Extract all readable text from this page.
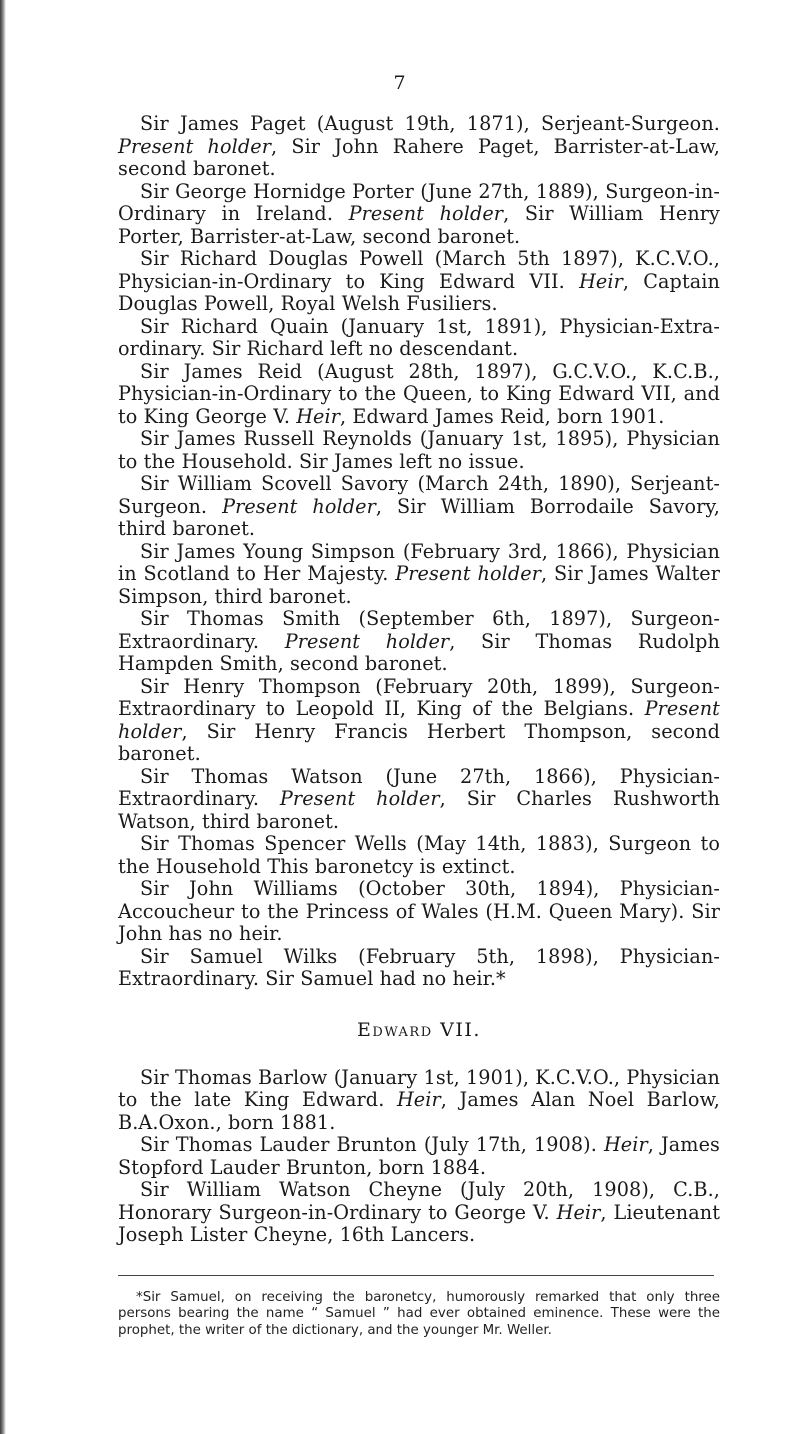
7

Sir James Paget (August 19th, 1871), Serjeant-Surgeon. Present holder, Sir John Rahere Paget, Barrister-at-Law, second baronet.

Sir George Hornidge Porter (June 27th, 1889), Surgeon-in-Ordinary in Ireland. Present holder, Sir William Henry Porter, Barrister-at-Law, second baronet.

Sir Richard Douglas Powell (March 5th 1897), K.C.V.O., Physician-in-Ordinary to King Edward VII. Heir, Captain Douglas Powell, Royal Welsh Fusiliers.

Sir Richard Quain (January 1st, 1891), Physician-Extra-ordinary. Sir Richard left no descendant.

Sir James Reid (August 28th, 1897), G.C.V.O., K.C.B., Physician-in-Ordinary to the Queen, to King Edward VII, and to King George V. Heir, Edward James Reid, born 1901.

Sir James Russell Reynolds (January 1st, 1895), Physician to the Household. Sir James left no issue.

Sir William Scovell Savory (March 24th, 1890), Serjeant-Surgeon. Present holder, Sir William Borrodaile Savory, third baronet.

Sir James Young Simpson (February 3rd, 1866), Physician in Scotland to Her Majesty. Present holder, Sir James Walter Simpson, third baronet.

Sir Thomas Smith (September 6th, 1897), Surgeon-Extraordinary. Present holder, Sir Thomas Rudolph Hampden Smith, second baronet.

Sir Henry Thompson (February 20th, 1899), Surgeon-Extraordinary to Leopold II, King of the Belgians. Present holder, Sir Henry Francis Herbert Thompson, second baronet.

Sir Thomas Watson (June 27th, 1866), Physician-Extraordinary. Present holder, Sir Charles Rushworth Watson, third baronet.

Sir Thomas Spencer Wells (May 14th, 1883), Surgeon to the Household This baronetcy is extinct.

Sir John Williams (October 30th, 1894), Physician-Accoucheur to the Princess of Wales (H.M. Queen Mary). Sir John has no heir.

Sir Samuel Wilks (February 5th, 1898), Physician-Extraordinary. Sir Samuel had no heir.*

Edward VII.

Sir Thomas Barlow (January 1st, 1901), K.C.V.O., Physician to the late King Edward. Heir, James Alan Noel Barlow, B.A.Oxon., born 1881.

Sir Thomas Lauder Brunton (July 17th, 1908). Heir, James Stopford Lauder Brunton, born 1884.

Sir William Watson Cheyne (July 20th, 1908), C.B., Honorary Surgeon-in-Ordinary to George V. Heir, Lieutenant Joseph Lister Cheyne, 16th Lancers.

*Sir Samuel, on receiving the baronetcy, humorously remarked that only three persons bearing the name “ Samuel ” had ever obtained eminence. These were the prophet, the writer of the dictionary, and the younger Mr. Weller.
